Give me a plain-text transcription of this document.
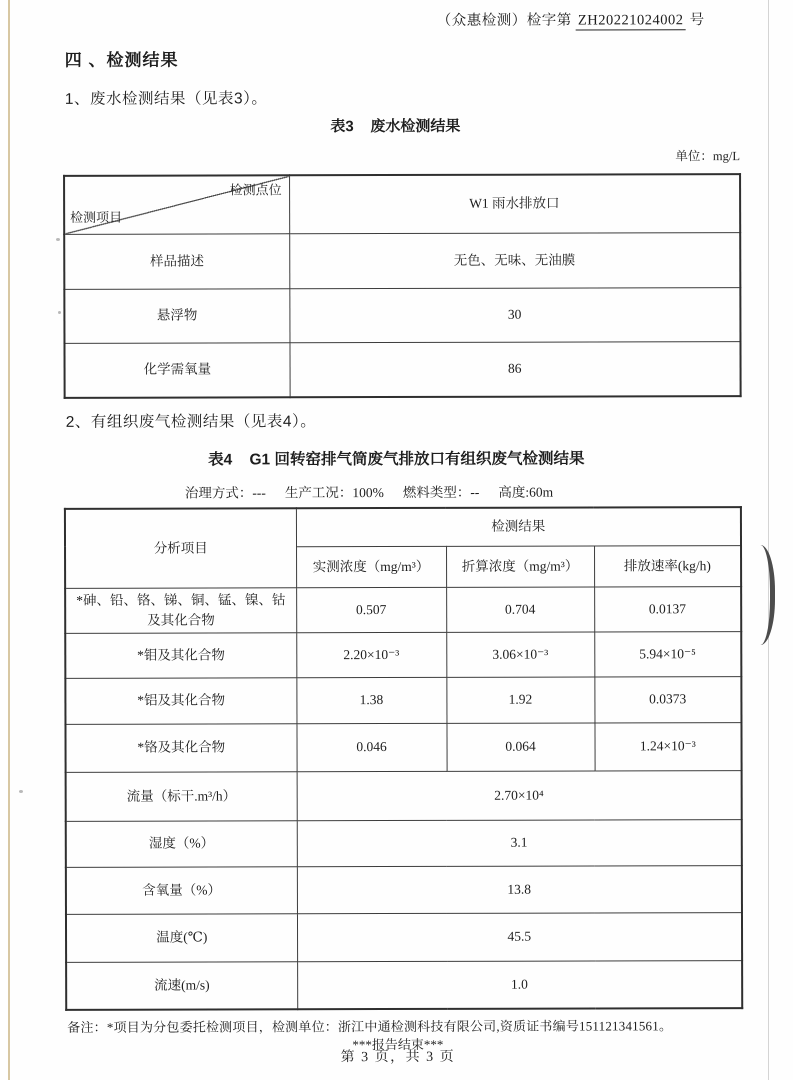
（众惠检测）检字第 ZH20221024002 号
四 、检测结果
1、废水检测结果（见表3）。
表3    废水检测结果
单位：mg/L
检测点位
检测项目	W1 雨水排放口
样品描述	无色、无味、无油膜
悬浮物	30
化学需氧量	86
2、有组织废气检测结果（见表4）。
表4    G1 回转窑排气筒废气排放口有组织废气检测结果
治理方式：--- 生产工况：100% 燃料类型：-- 高度:60m
分析项目	检测结果		
	实测浓度（mg/m³）	折算浓度（mg/m³）	排放速率(kg/h)
*砷、铅、铬、锑、铜、锰、镍、钴及其化合物	0.507	0.704	0.0137
*钼及其化合物	2.20×10⁻³	3.06×10⁻³	5.94×10⁻⁵
*铝及其化合物	1.38	1.92	0.0373
*铬及其化合物	0.046	0.064	1.24×10⁻³
流量（标干.m³/h）	2.70×10⁴		
湿度（%）	3.1		
含氧量（%）	13.8		
温度(℃)	45.5		
流速(m/s)	1.0		
备注：*项目为分包委托检测项目，检测单位：浙江中通检测科技有限公司,资质证书编号151121341561。
***报告结束***
第 3 页，共 3 页
